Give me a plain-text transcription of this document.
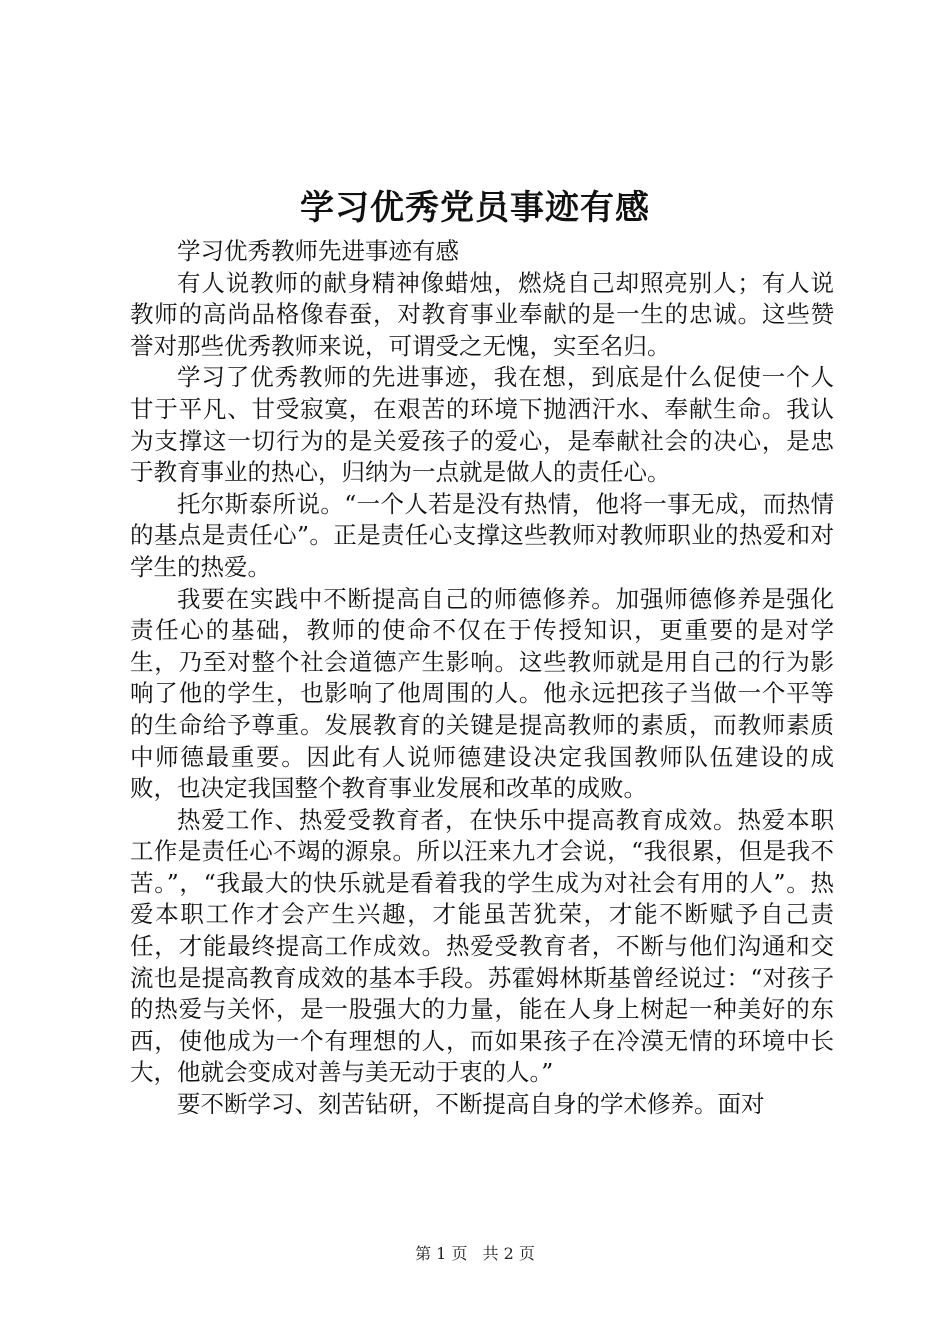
学习优秀党员事迹有感

学习优秀教师先进事迹有感

有人说教师的献身精神像蜡烛，燃烧自己却照亮别人；有人说教师的高尚品格像春蚕，对教育事业奉献的是一生的忠诚。这些赞誉对那些优秀教师来说，可谓受之无愧，实至名归。

学习了优秀教师的先进事迹，我在想，到底是什么促使一个人甘于平凡、甘受寂寞，在艰苦的环境下抛洒汗水、奉献生命。我认为支撑这一切行为的是关爱孩子的爱心，是奉献社会的决心，是忠于教育事业的热心，归纳为一点就是做人的责任心。

托尔斯泰所说。“一个人若是没有热情，他将一事无成，而热情的基点是责任心”。正是责任心支撑这些教师对教师职业的热爱和对学生的热爱。

我要在实践中不断提高自己的师德修养。加强师德修养是强化责任心的基础，教师的使命不仅在于传授知识，更重要的是对学生，乃至对整个社会道德产生影响。这些教师就是用自己的行为影响了他的学生，也影响了他周围的人。他永远把孩子当做一个平等的生命给予尊重。发展教育的关键是提高教师的素质，而教师素质中师德最重要。因此有人说师德建设决定我国教师队伍建设的成败，也决定我国整个教育事业发展和改革的成败。

热爱工作、热爱受教育者，在快乐中提高教育成效。热爱本职工作是责任心不竭的源泉。所以汪来九才会说，“我很累，但是我不苦。”，“我最大的快乐就是看着我的学生成为对社会有用的人”。热爱本职工作才会产生兴趣，才能虽苦犹荣，才能不断赋予自己责任，才能最终提高工作成效。热爱受教育者，不断与他们沟通和交流也是提高教育成效的基本手段。苏霍姆林斯基曾经说过：“对孩子的热爱与关怀，是一股强大的力量，能在人身上树起一种美好的东西，使他成为一个有理想的人，而如果孩子在冷漠无情的环境中长大，他就会变成对善与美无动于衷的人。”

要不断学习、刻苦钻研，不断提高自身的学术修养。面对

第 1 页 共 2 页
